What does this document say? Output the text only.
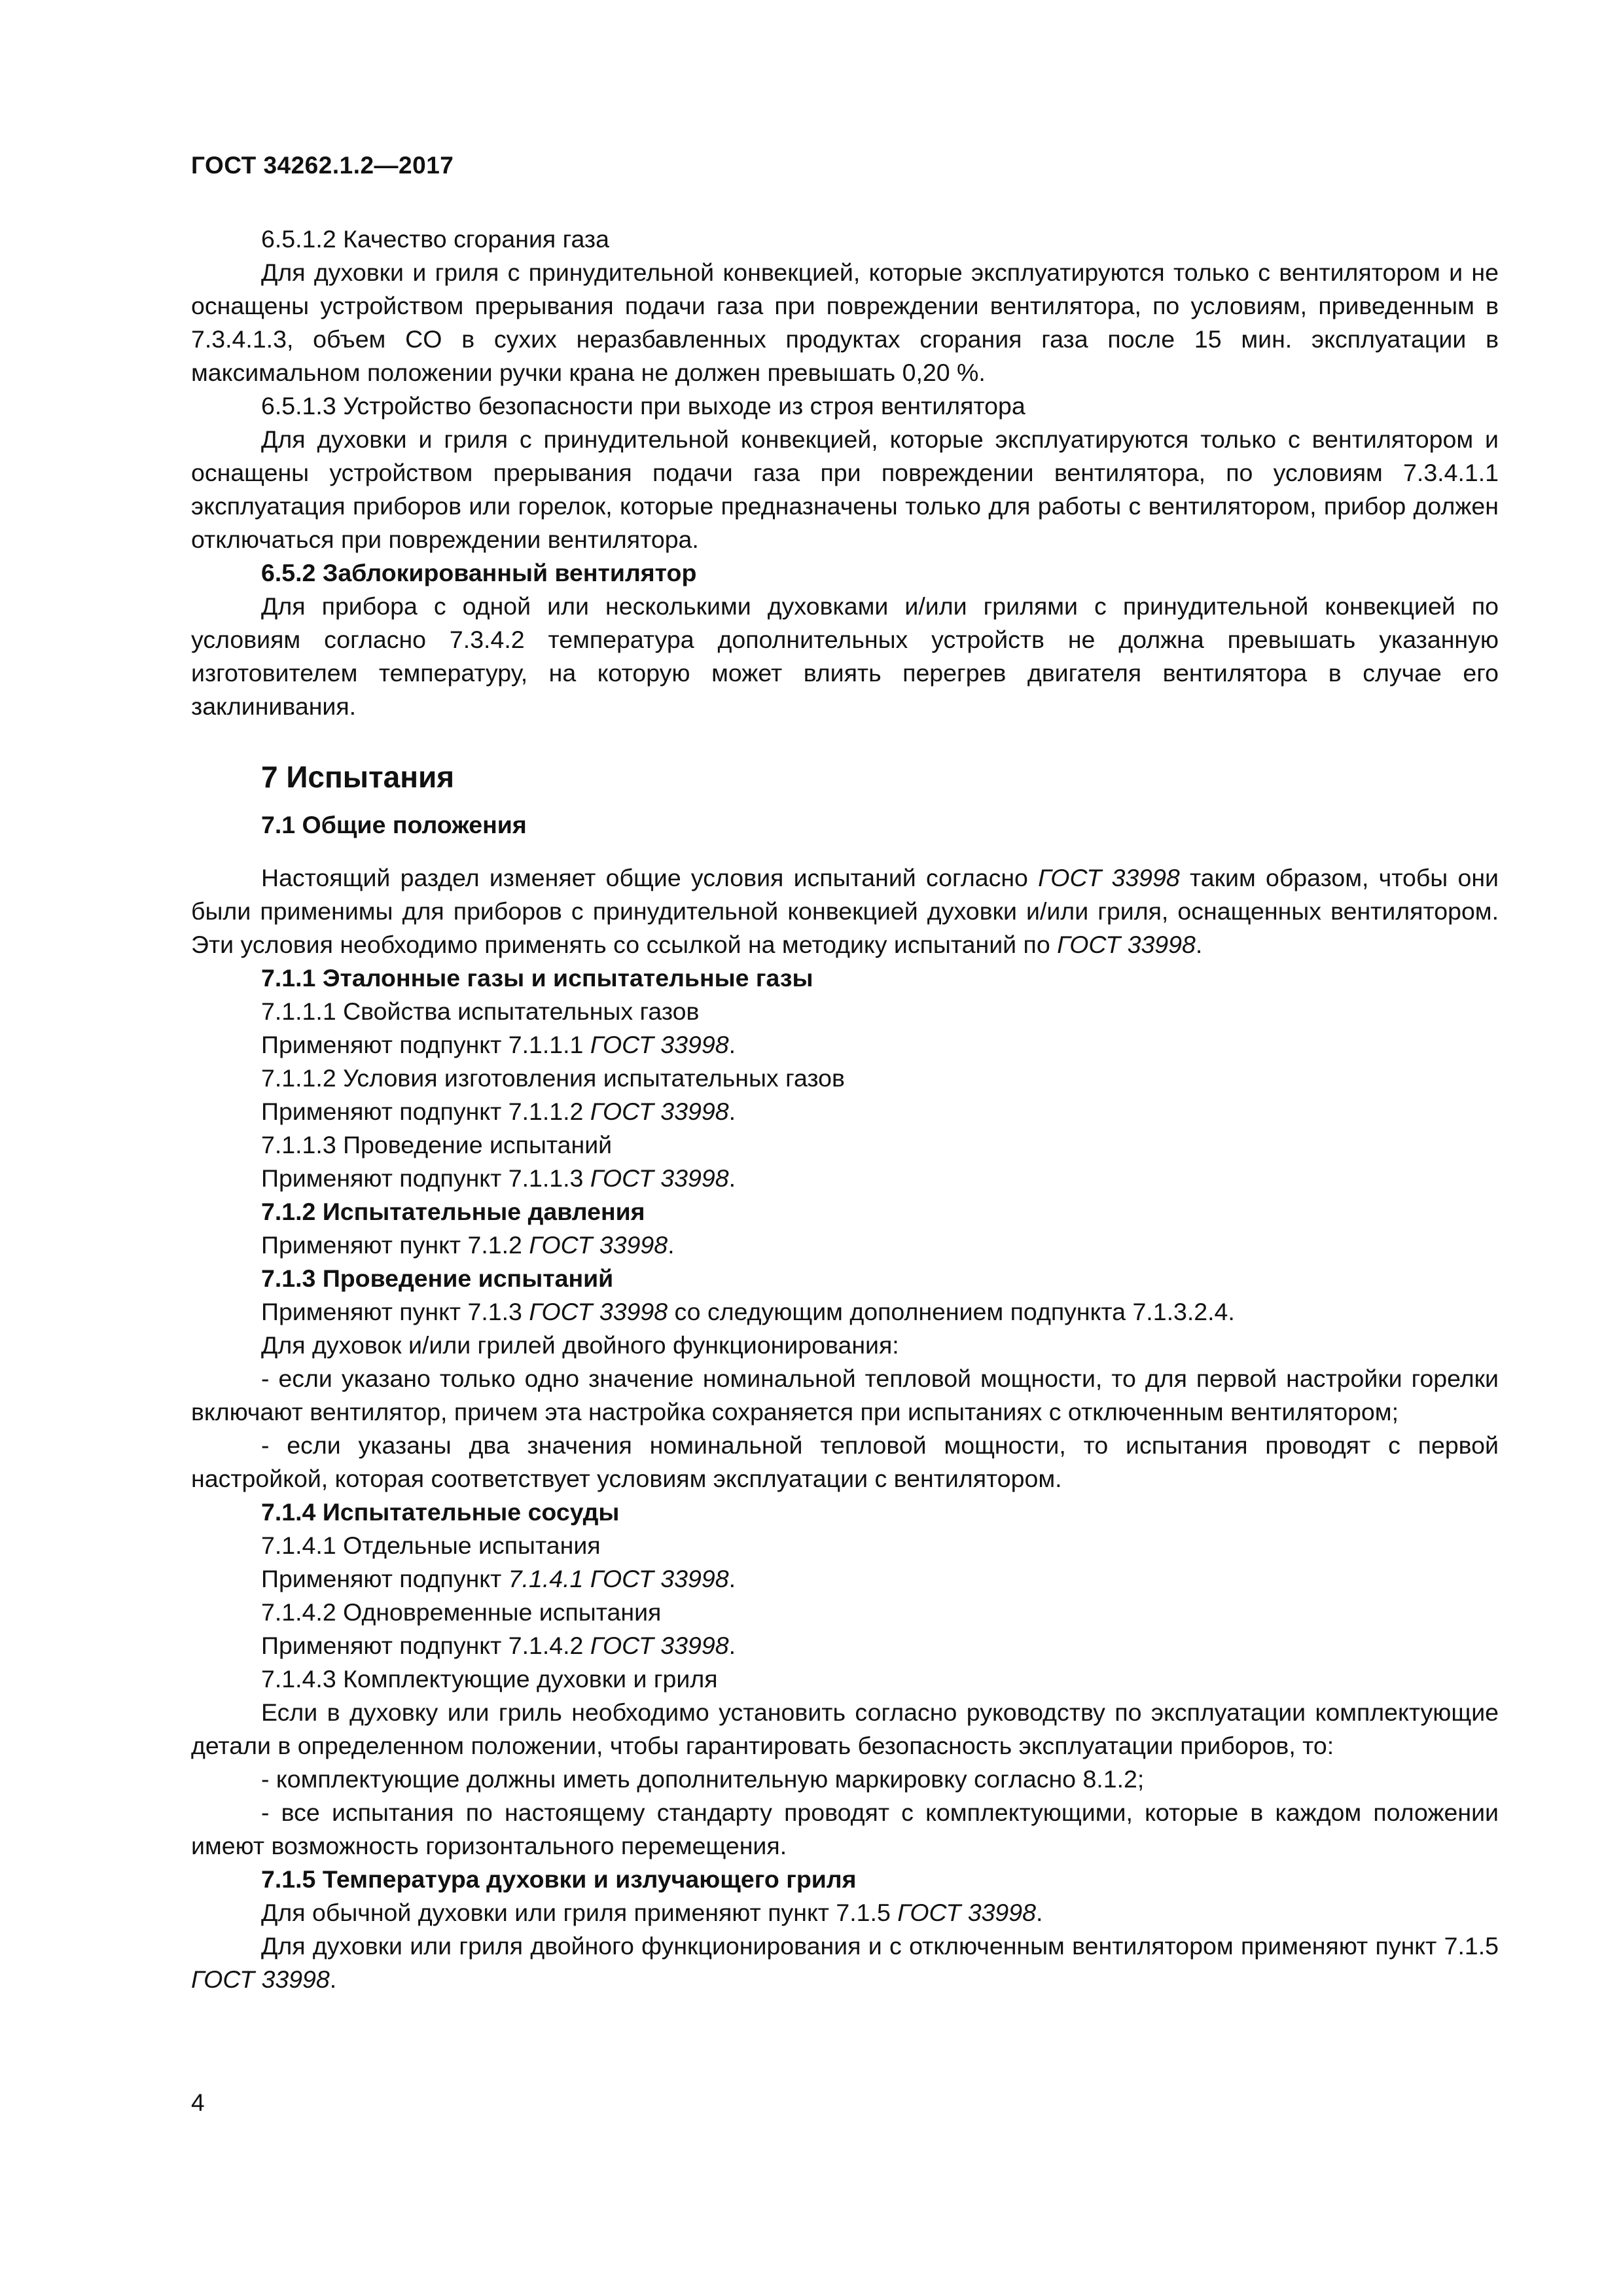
ГОСТ 34262.1.2—2017

6.5.1.2 Качество сгорания газа

Для духовки и гриля с принудительной конвекцией, которые эксплуатируются только с вентилятором и не оснащены устройством прерывания подачи газа при повреждении вентилятора, по условиям, приведенным в 7.3.4.1.3, объем CO в сухих неразбавленных продуктах сгорания газа после 15 мин. эксплуатации в максимальном положении ручки крана не должен превышать 0,20 %.

6.5.1.3 Устройство безопасности при выходе из строя вентилятора

Для духовки и гриля с принудительной конвекцией, которые эксплуатируются только с вентилятором и оснащены устройством прерывания подачи газа при повреждении вентилятора, по условиям 7.3.4.1.1 эксплуатация приборов или горелок, которые предназначены только для работы с вентилятором, прибор должен отключаться при повреждении вентилятора.

6.5.2 Заблокированный вентилятор

Для прибора с одной или несколькими духовками и/или грилями с принудительной конвекцией по условиям согласно 7.3.4.2 температура дополнительных устройств не должна превышать указанную изготовителем температуру, на которую может влиять перегрев двигателя вентилятора в случае его заклинивания.

7 Испытания

7.1 Общие положения

Настоящий раздел изменяет общие условия испытаний согласно ГОСТ 33998 таким образом, чтобы они были применимы для приборов с принудительной конвекцией духовки и/или гриля, оснащенных вентилятором. Эти условия необходимо применять со ссылкой на методику испытаний по ГОСТ 33998.

7.1.1 Эталонные газы и испытательные газы

7.1.1.1 Свойства испытательных газов

Применяют подпункт 7.1.1.1 ГОСТ 33998.

7.1.1.2 Условия изготовления испытательных газов

Применяют подпункт 7.1.1.2 ГОСТ 33998.

7.1.1.3 Проведение испытаний

Применяют подпункт 7.1.1.3 ГОСТ 33998.

7.1.2 Испытательные давления

Применяют пункт 7.1.2 ГОСТ 33998.

7.1.3 Проведение испытаний

Применяют пункт 7.1.3 ГОСТ 33998 со следующим дополнением подпункта 7.1.3.2.4.

Для духовок и/или грилей двойного функционирования:

- если указано только одно значение номинальной тепловой мощности, то для первой настройки горелки включают вентилятор, причем эта настройка сохраняется при испытаниях с отключенным вентилятором;

- если указаны два значения номинальной тепловой мощности, то испытания проводят с первой настройкой, которая соответствует условиям эксплуатации с вентилятором.

7.1.4 Испытательные сосуды

7.1.4.1 Отдельные испытания

Применяют подпункт 7.1.4.1 ГОСТ 33998.

7.1.4.2 Одновременные испытания

Применяют подпункт 7.1.4.2 ГОСТ 33998.

7.1.4.3 Комплектующие духовки и гриля

Если в духовку или гриль необходимо установить согласно руководству по эксплуатации комплектующие детали в определенном положении, чтобы гарантировать безопасность эксплуатации приборов, то:

- комплектующие должны иметь дополнительную маркировку согласно 8.1.2;

- все испытания по настоящему стандарту проводят с комплектующими, которые в каждом положении имеют возможность горизонтального перемещения.

7.1.5 Температура духовки и излучающего гриля

Для обычной духовки или гриля применяют пункт 7.1.5 ГОСТ 33998.

Для духовки или гриля двойного функционирования и с отключенным вентилятором применяют пункт 7.1.5 ГОСТ 33998.

4
